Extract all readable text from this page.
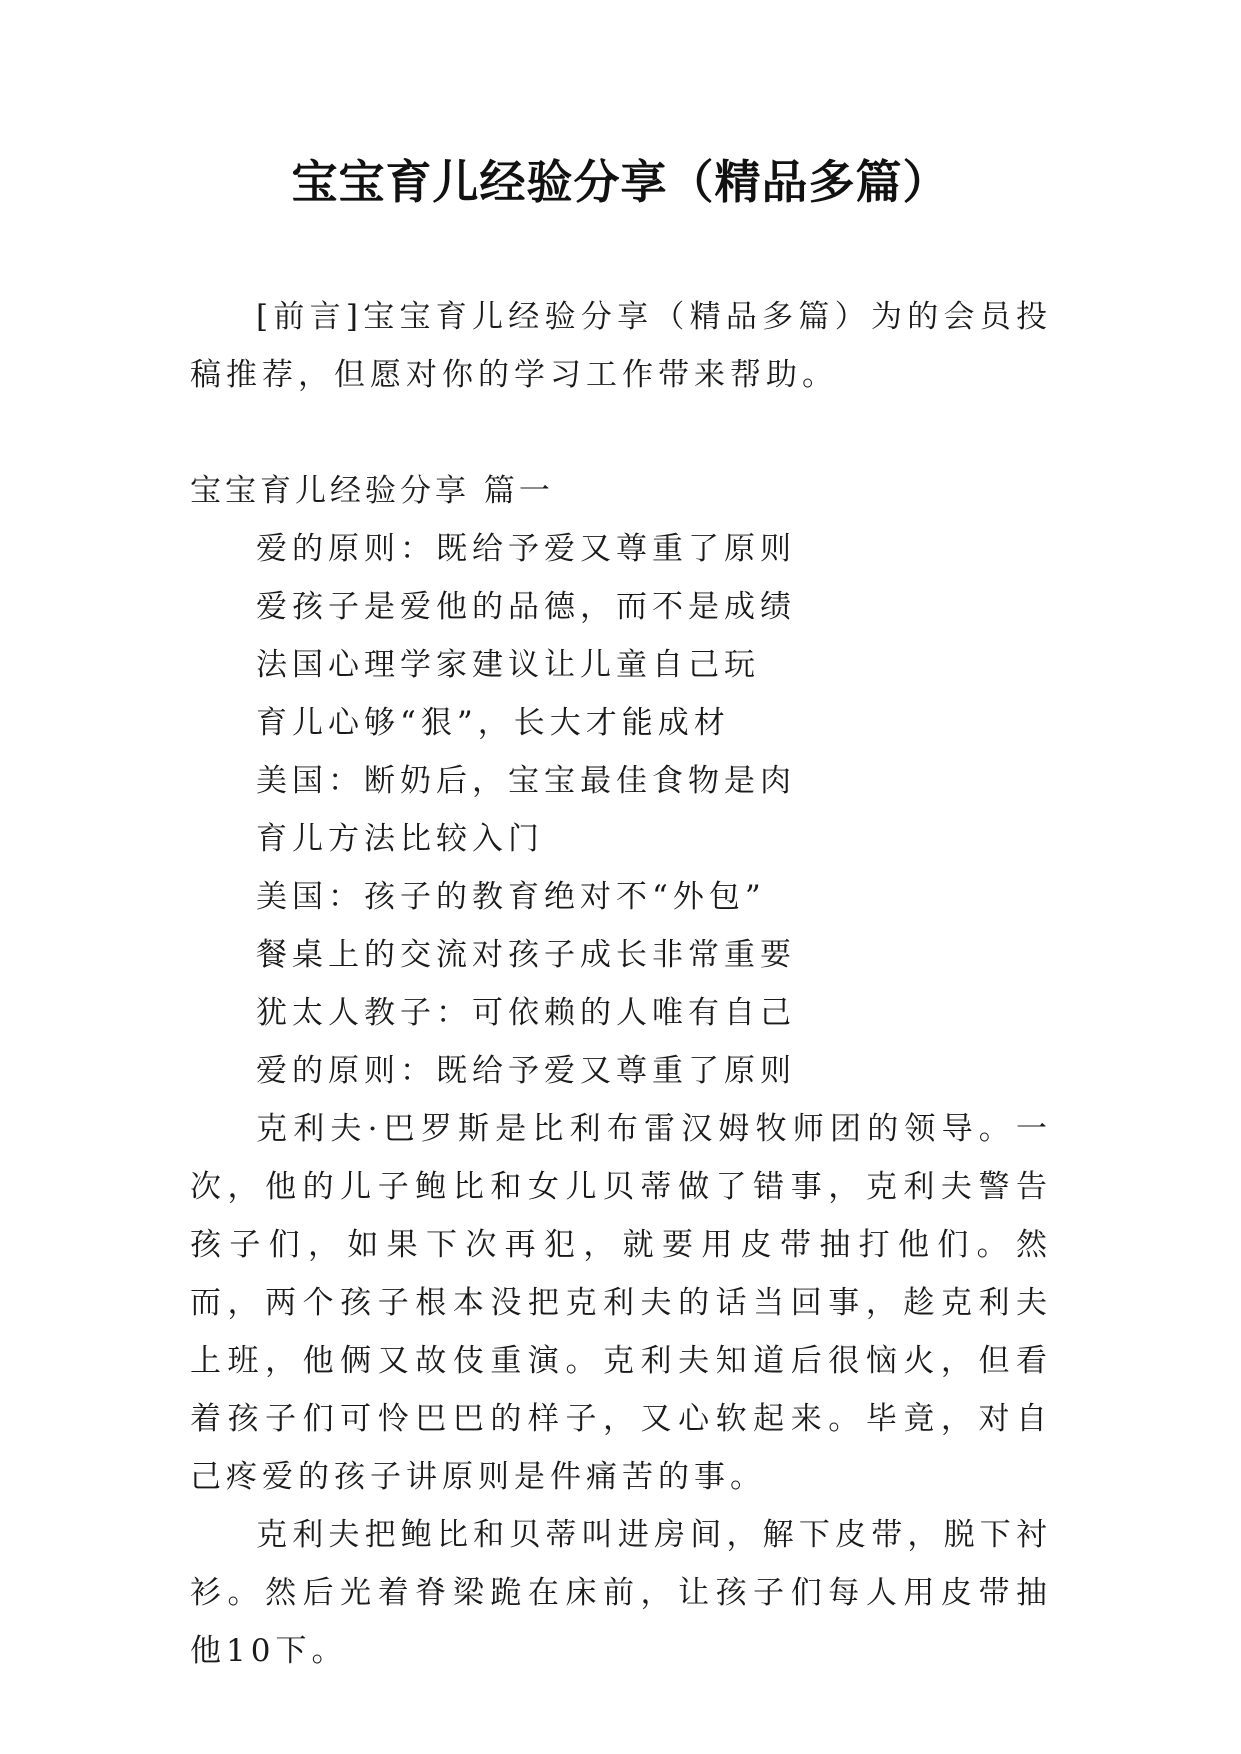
宝宝育儿经验分享（精品多篇）

[前言]宝宝育儿经验分享（精品多篇）为的会员投稿推荐，但愿对你的学习工作带来帮助。

宝宝育儿经验分享 篇一

爱的原则：既给予爱又尊重了原则

爱孩子是爱他的品德，而不是成绩

法国心理学家建议让儿童自己玩

育儿心够“狠”，长大才能成材

美国：断奶后，宝宝最佳食物是肉

育儿方法比较入门

美国：孩子的教育绝对不“外包”

餐桌上的交流对孩子成长非常重要

犹太人教子：可依赖的人唯有自己

爱的原则：既给予爱又尊重了原则

克利夫·巴罗斯是比利布雷汉姆牧师团的领导。一次，他的儿子鲍比和女儿贝蒂做了错事，克利夫警告孩子们，如果下次再犯，就要用皮带抽打他们。然而，两个孩子根本没把克利夫的话当回事，趁克利夫上班，他俩又故伎重演。克利夫知道后很恼火，但看着孩子们可怜巴巴的样子，又心软起来。毕竟，对自己疼爱的孩子讲原则是件痛苦的事。

克利夫把鲍比和贝蒂叫进房间，解下皮带，脱下衬衫。然后光着脊梁跪在床前，让孩子们每人用皮带抽他10下。
